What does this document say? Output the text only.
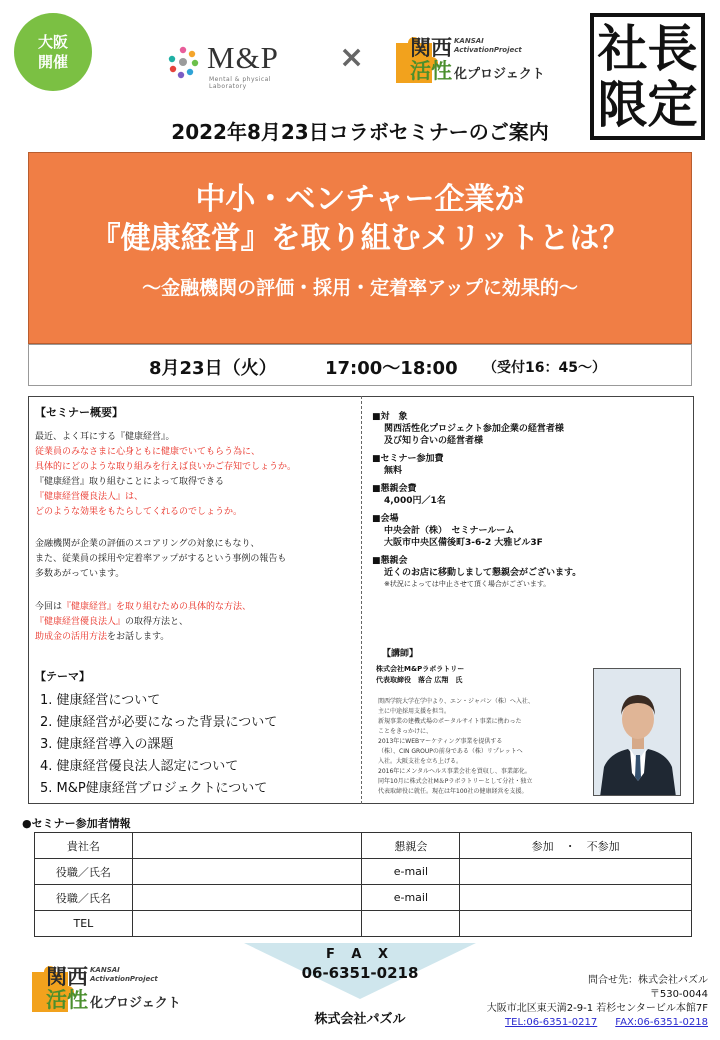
大阪
開催	M&P
Mental & physical Laboratory
× 関西
活性
KANSAI
ActivationProject
化プロジェクト 社 長
限 定
2022年8月23日コラボセミナーのご案内
中小・ベンチャー企業が
『健康経営』を取り組むメリットとは？
～金融機関の評価・採用・定着率アップに効果的～
8月23日（火）	17:00～18:00 （受付16：45～）
【セミナー概要】
最近、よく耳にする『健康経営』。
従業員のみなさまに心身ともに健康でいてもらう為に、
具体的にどのような取り組みを行えば良いかご存知でしょうか。
『健康経営』取り組むことによって取得できる
『健康経営優良法人』は、
どのような効果をもたらしてくれるのでしょうか。
金融機関が企業の評価のスコアリングの対象にもなり、
また、従業員の採用や定着率アップがするという事例の報告も
多数あがっています。
今回は『健康経営』を取り組むための具体的な方法、
『健康経営優良法人』の取得方法と、
助成金の活用方法をお話します。
【テーマ】
1. 健康経営について
2. 健康経営が必要になった背景について
3. 健康経営導入の課題
4. 健康経営優良法人認定について
5. M&P健康経営プロジェクトについて
■対　象
関西活性化プロジェクト参加企業の経営者様
及び知り合いの経営者様
■セミナー参加費
無料
■懇親会費
4,000円／1名
■会場
中央会計（株）　セミナールーム
大阪市中央区備後町3-6-2 大雅ビル3F
■懇親会
近くのお店に移動しまして懇親会がございます。
※状況によっては中止させて頂く場合がございます。
【講師】
株式会社M&Pラボラトリー
代表取締役　落合 広翔　氏
関西学院大学在学中より、エン・ジャパン（株）へ入社、
主に中途採用支援を担当。
新規事業の建機式場のポータルサイト事業に携わった
ことをきっかけに、
2013年にWEBマーケティング事業を提供する
（株）、CIN GROUPの前身である（株）リプレットへ
入社。大阪支社を立ち上げる。
2016年にメンタルヘルス事業会社を買収し、事業部化。
同年10月に株式会社M＆Pラボラトリーとして分社・独立
代表取締役に就任。現在は年100社の健康経営を支援。
●セミナー参加者情報
貴社名		懇親会	参加　・　不参加
役職／氏名		e-mail	
役職／氏名		e-mail	
TEL			
F A X
06-6351-0218
株式会社パズル
関西
活性
KANSAI
ActivationProject
化プロジェクト
問合せ先：株式会社パズル
〒530-0044
大阪市北区東天満2-9-1 若杉センタービル本館7F
TEL:06-6351-0217 FAX:06-6351-0218
